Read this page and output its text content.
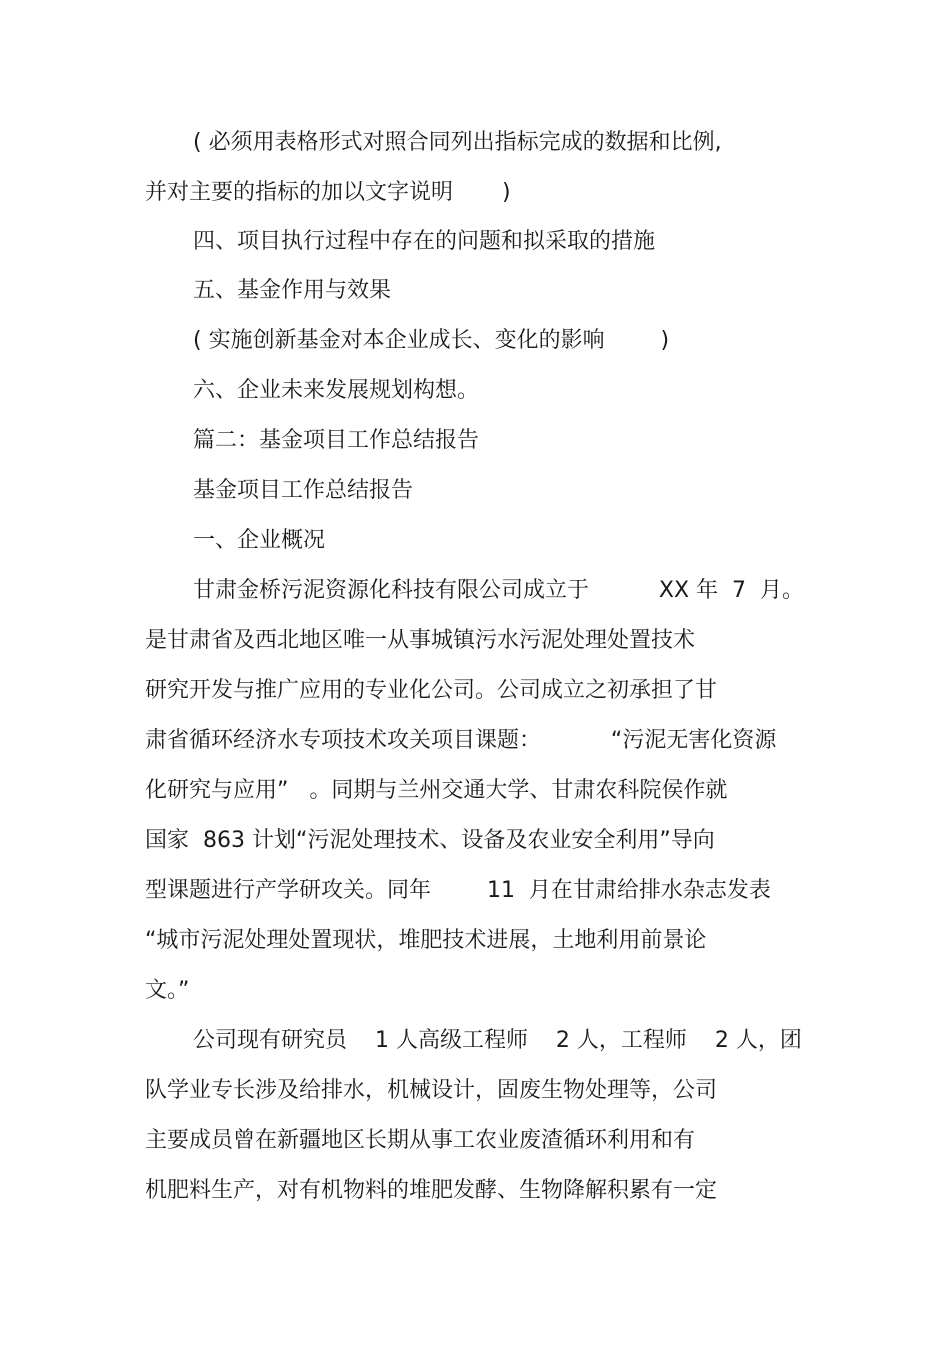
( 必须用表格形式对照合同列出指标完成的数据和比例,
并对主要的指标的加以文字说明       )
四、项目执行过程中存在的问题和拟采取的措施
五、基金作用与效果
( 实施创新基金对本企业成长、变化的影响        )
六、企业未来发展规划构想。
篇二：基金项目工作总结报告
基金项目工作总结报告
一、企业概况
甘肃金桥污泥资源化科技有限公司成立于          XX 年  7  月。
是甘肃省及西北地区唯一从事城镇污水污泥处理处置技术
研究开发与推广应用的专业化公司。公司成立之初承担了甘
肃省循环经济水专项技术攻关项目课题：          “污泥无害化资源
化研究与应用”   。同期与兰州交通大学、甘肃农科院侯作就
国家  863 计划“污泥处理技术、设备及农业安全利用”导向
型课题进行产学研攻关。同年        11  月在甘肃给排水杂志发表
“城市污泥处理处置现状，堆肥技术进展，土地利用前景论
文。”
公司现有研究员    1 人高级工程师    2 人，工程师    2 人，团
队学业专长涉及给排水，机械设计，固废生物处理等，公司
主要成员曾在新疆地区长期从事工农业废渣循环利用和有
机肥料生产，对有机物料的堆肥发酵、生物降解积累有一定
